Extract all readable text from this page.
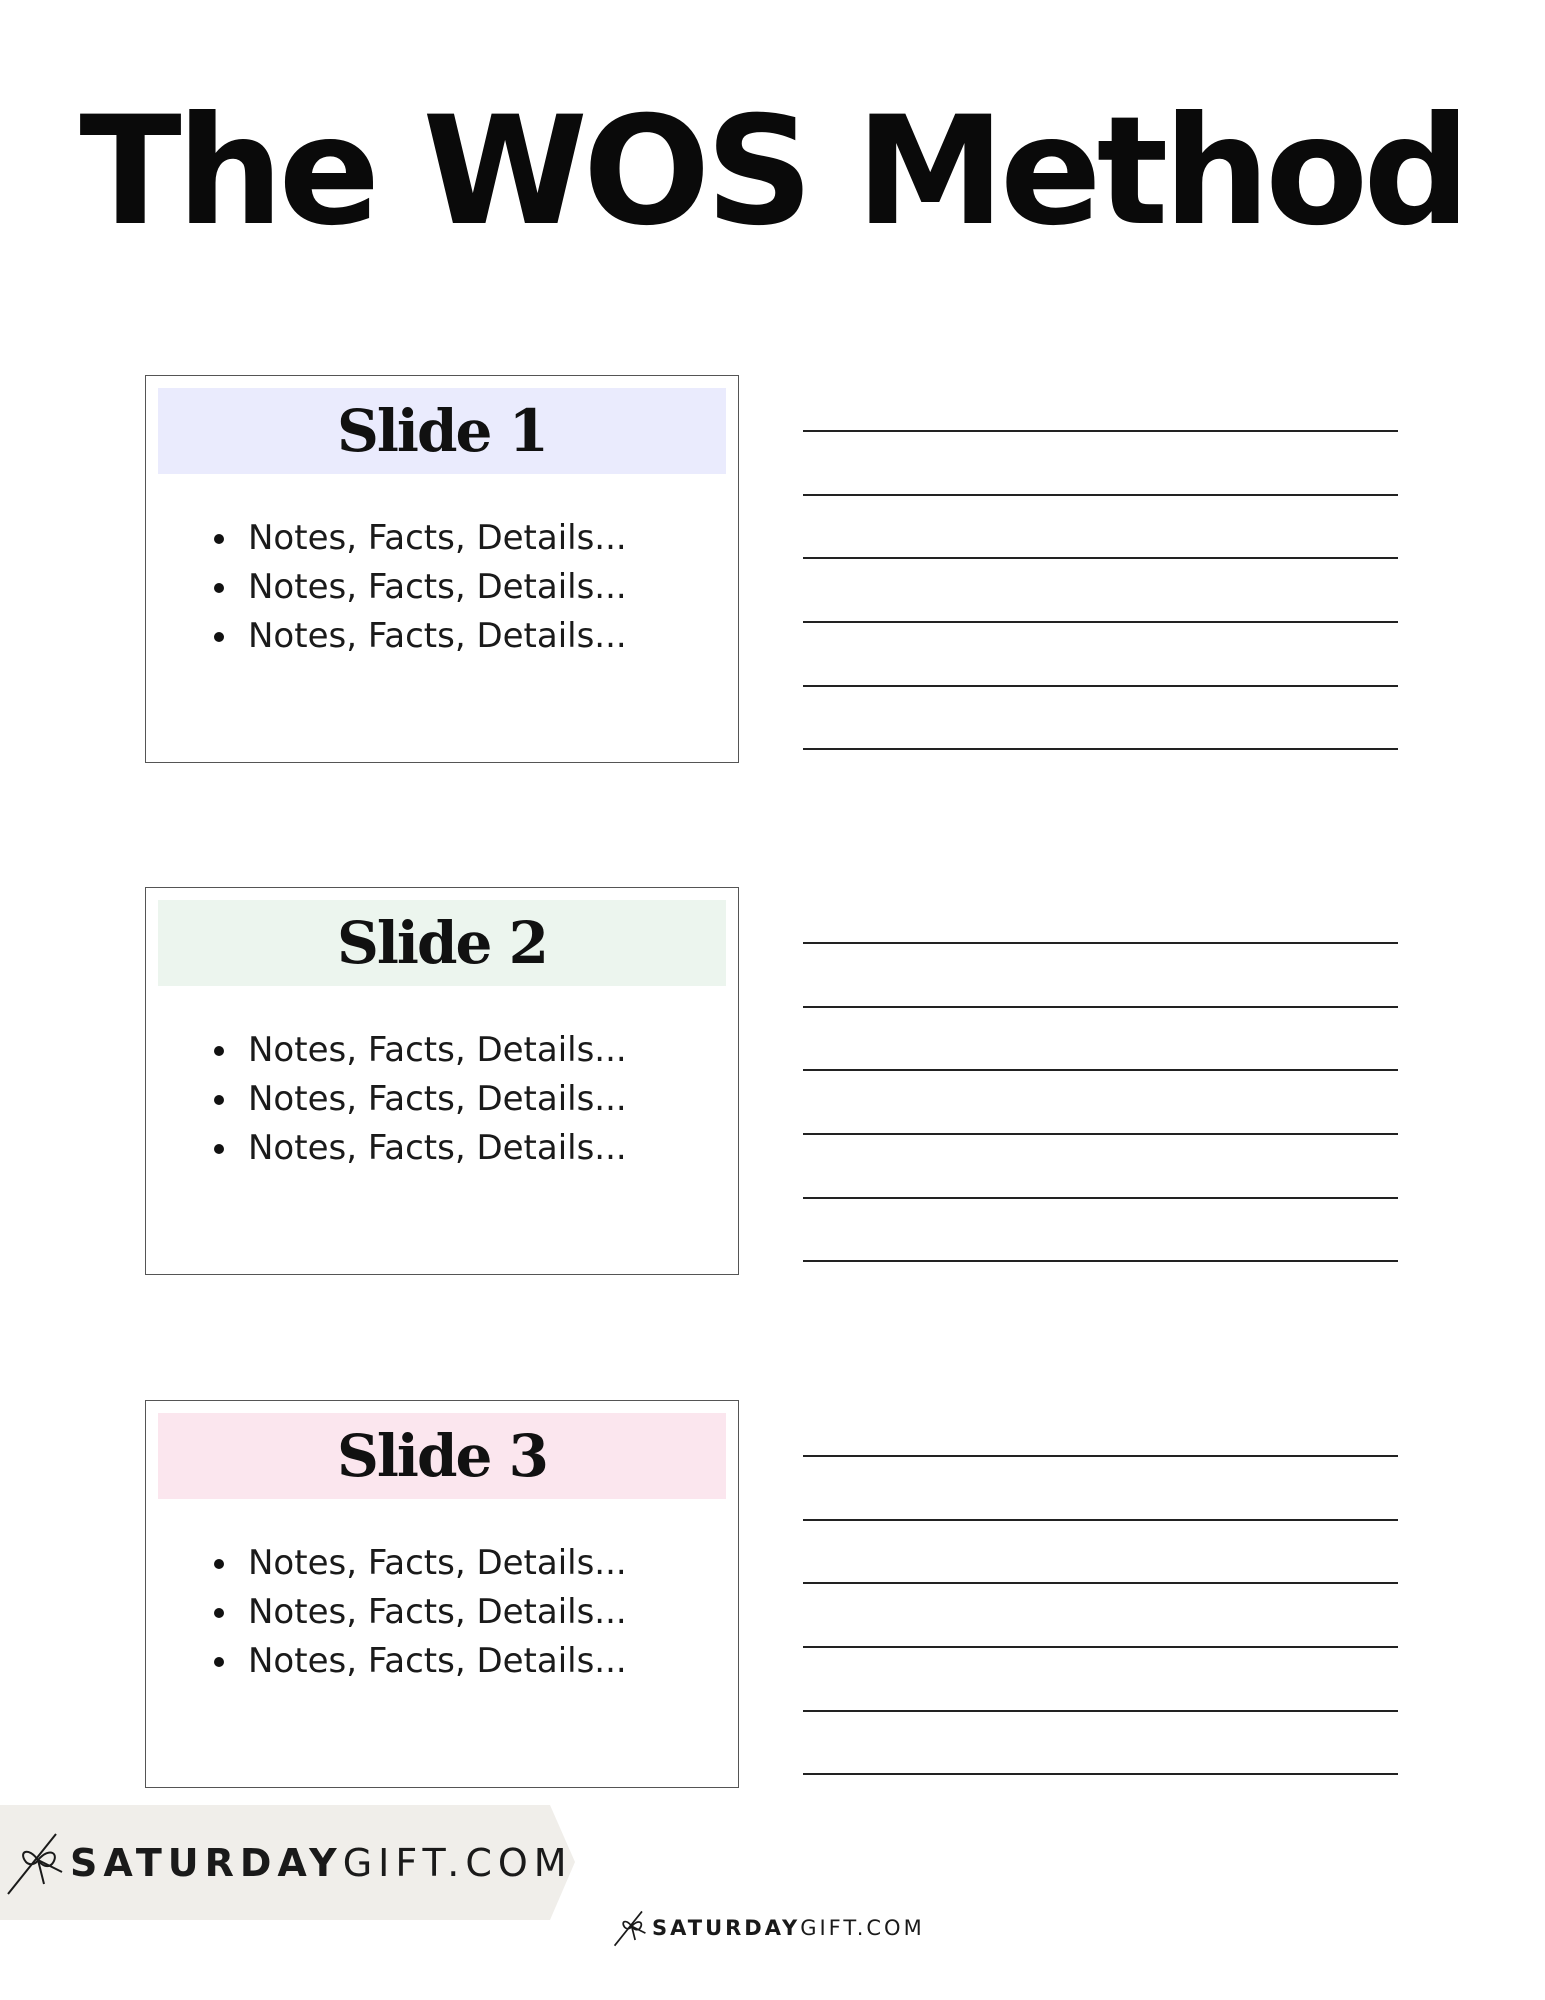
The WOS Method
Slide 1
Notes, Facts, Details...
Notes, Facts, Details...
Notes, Facts, Details...
Slide 2
Notes, Facts, Details...
Notes, Facts, Details...
Notes, Facts, Details...
Slide 3
Notes, Facts, Details...
Notes, Facts, Details...
Notes, Facts, Details...
SATURDAY GIFT.COM
SATURDAY GIFT.COM
